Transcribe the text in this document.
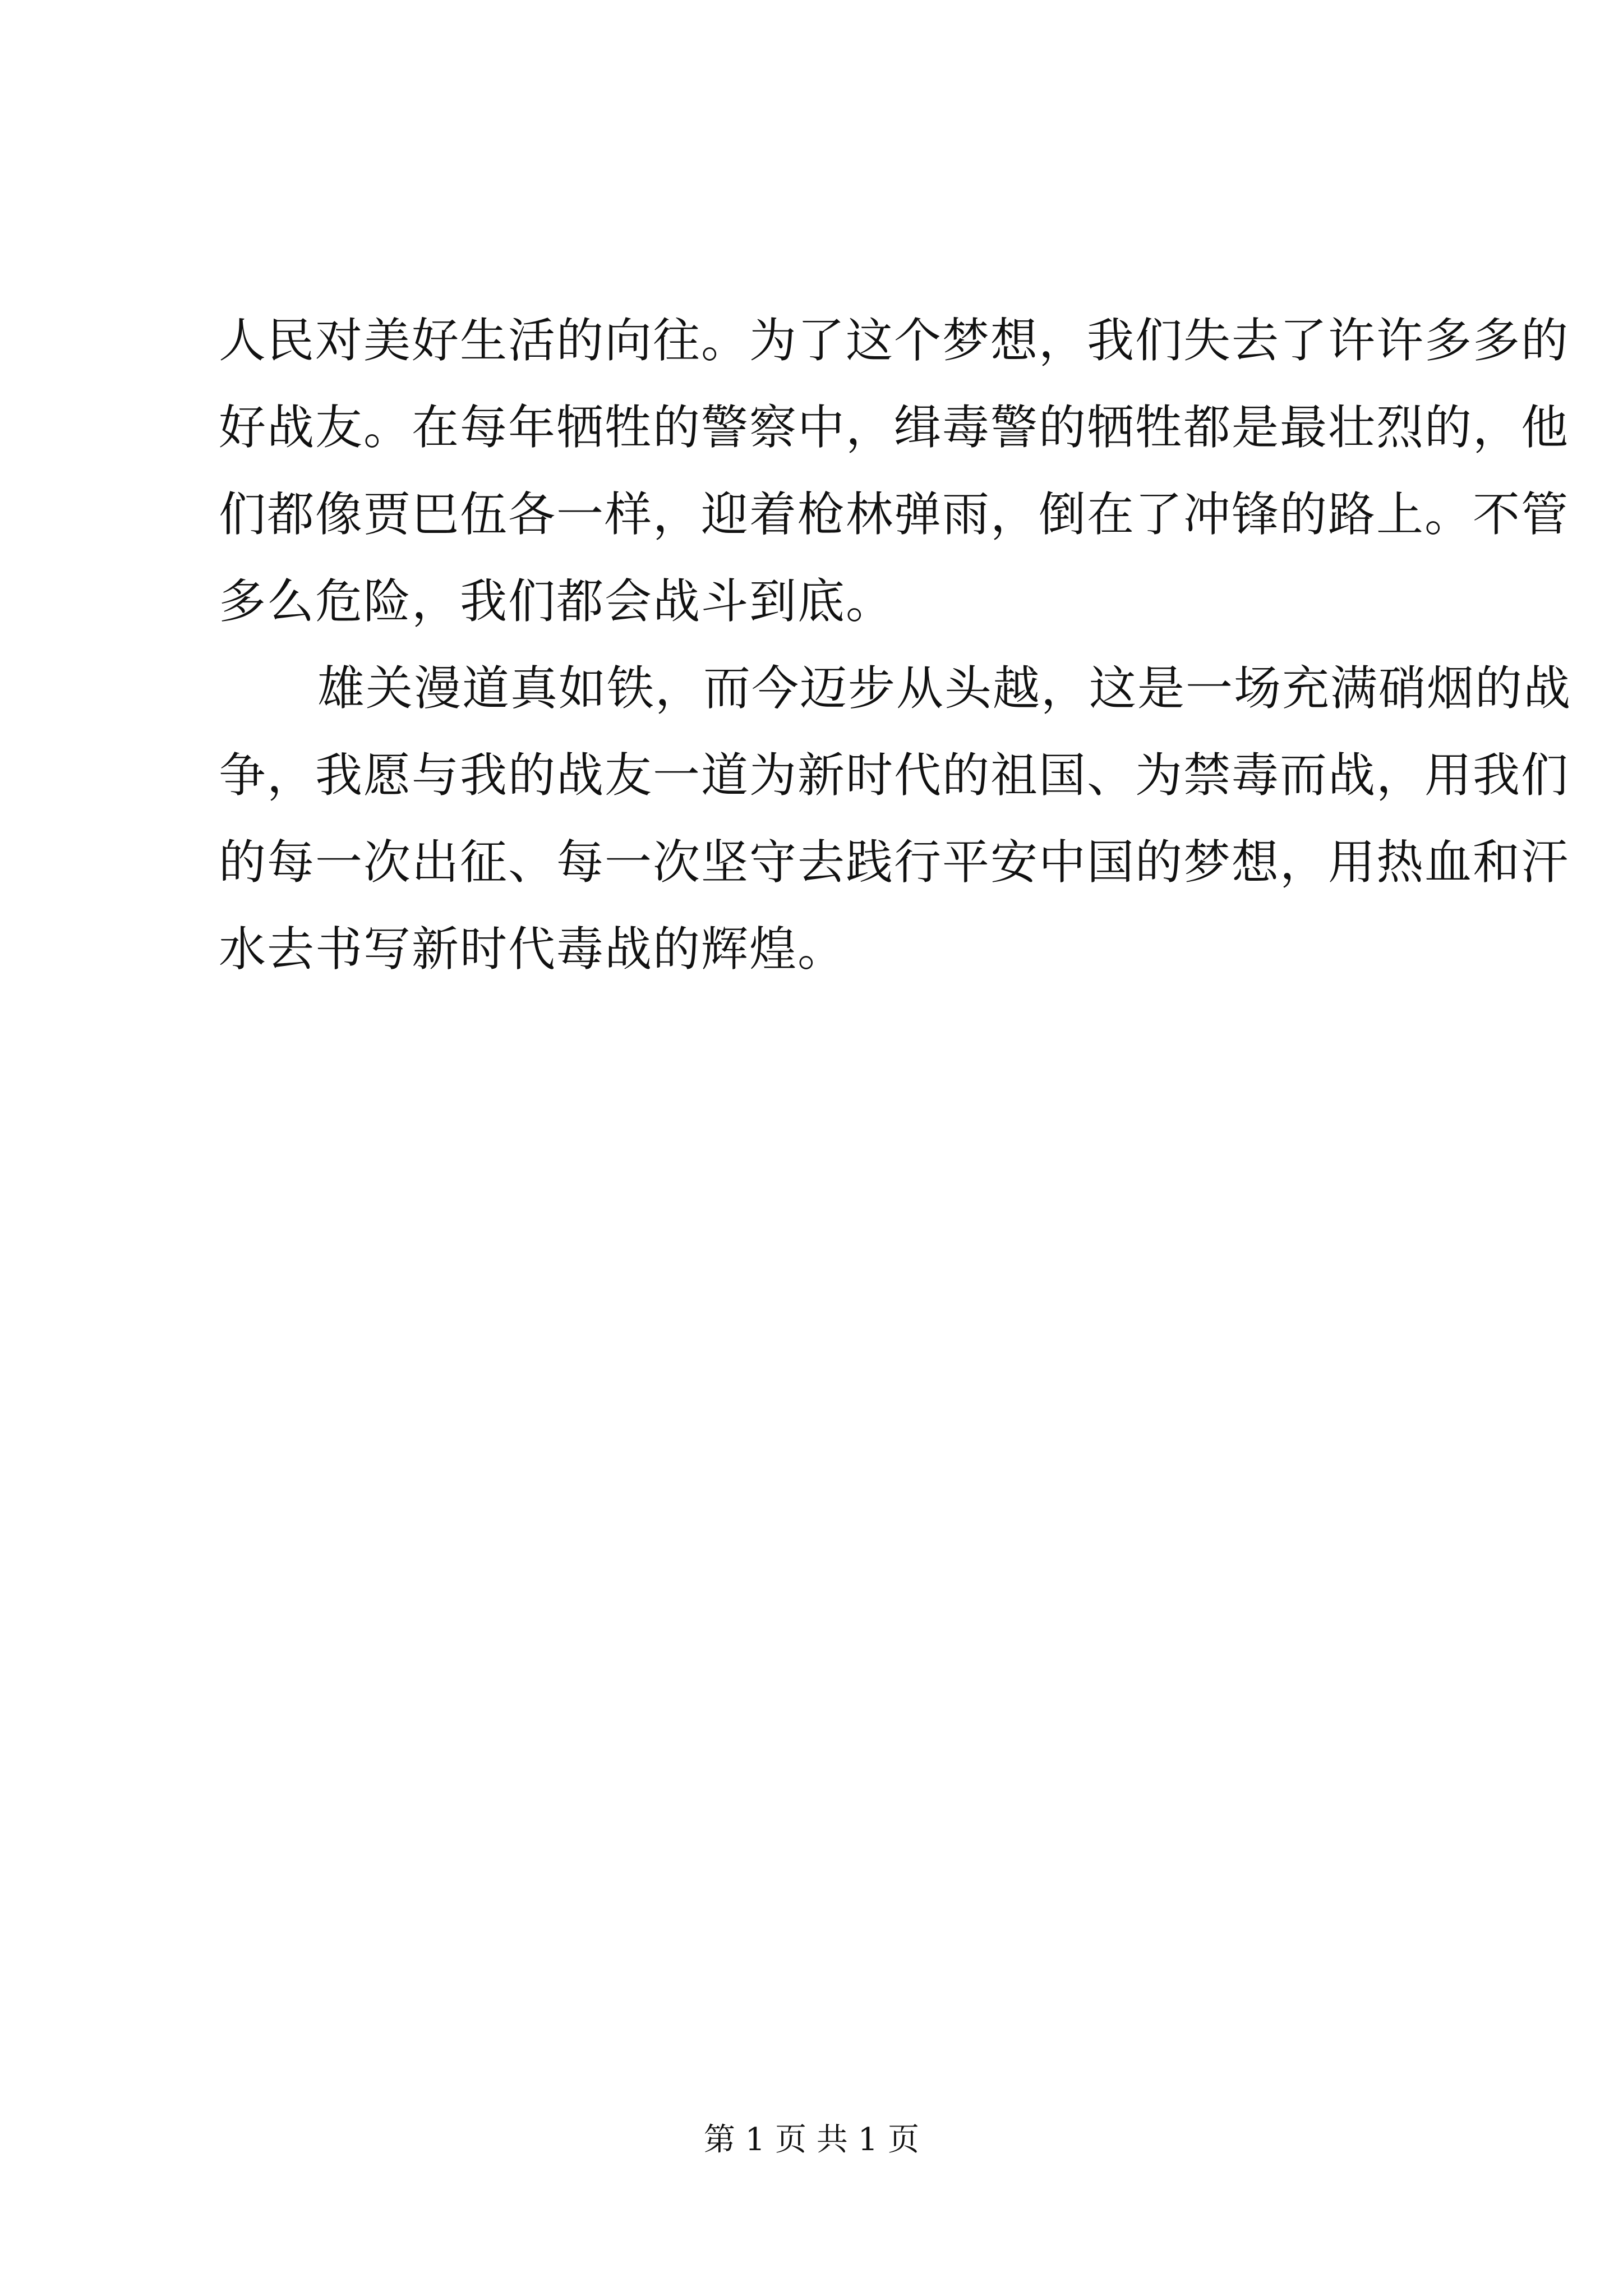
人民对美好生活的向往。为了这个梦想，我们失去了许许多多的
好战友。在每年牺牲的警察中，缉毒警的牺牲都是最壮烈的，他
们都像贾巴伍各一样，迎着枪林弹雨，倒在了冲锋的路上。不管
多么危险，我们都会战斗到底。
雄关漫道真如铁，而今迈步从头越，这是一场充满硝烟的战
争，我愿与我的战友一道为新时代的祖国、为禁毒而战，用我们
的每一次出征、每一次坚守去践行平安中国的梦想，用热血和汗
水去书写新时代毒战的辉煌。
第 1 页 共 1 页
